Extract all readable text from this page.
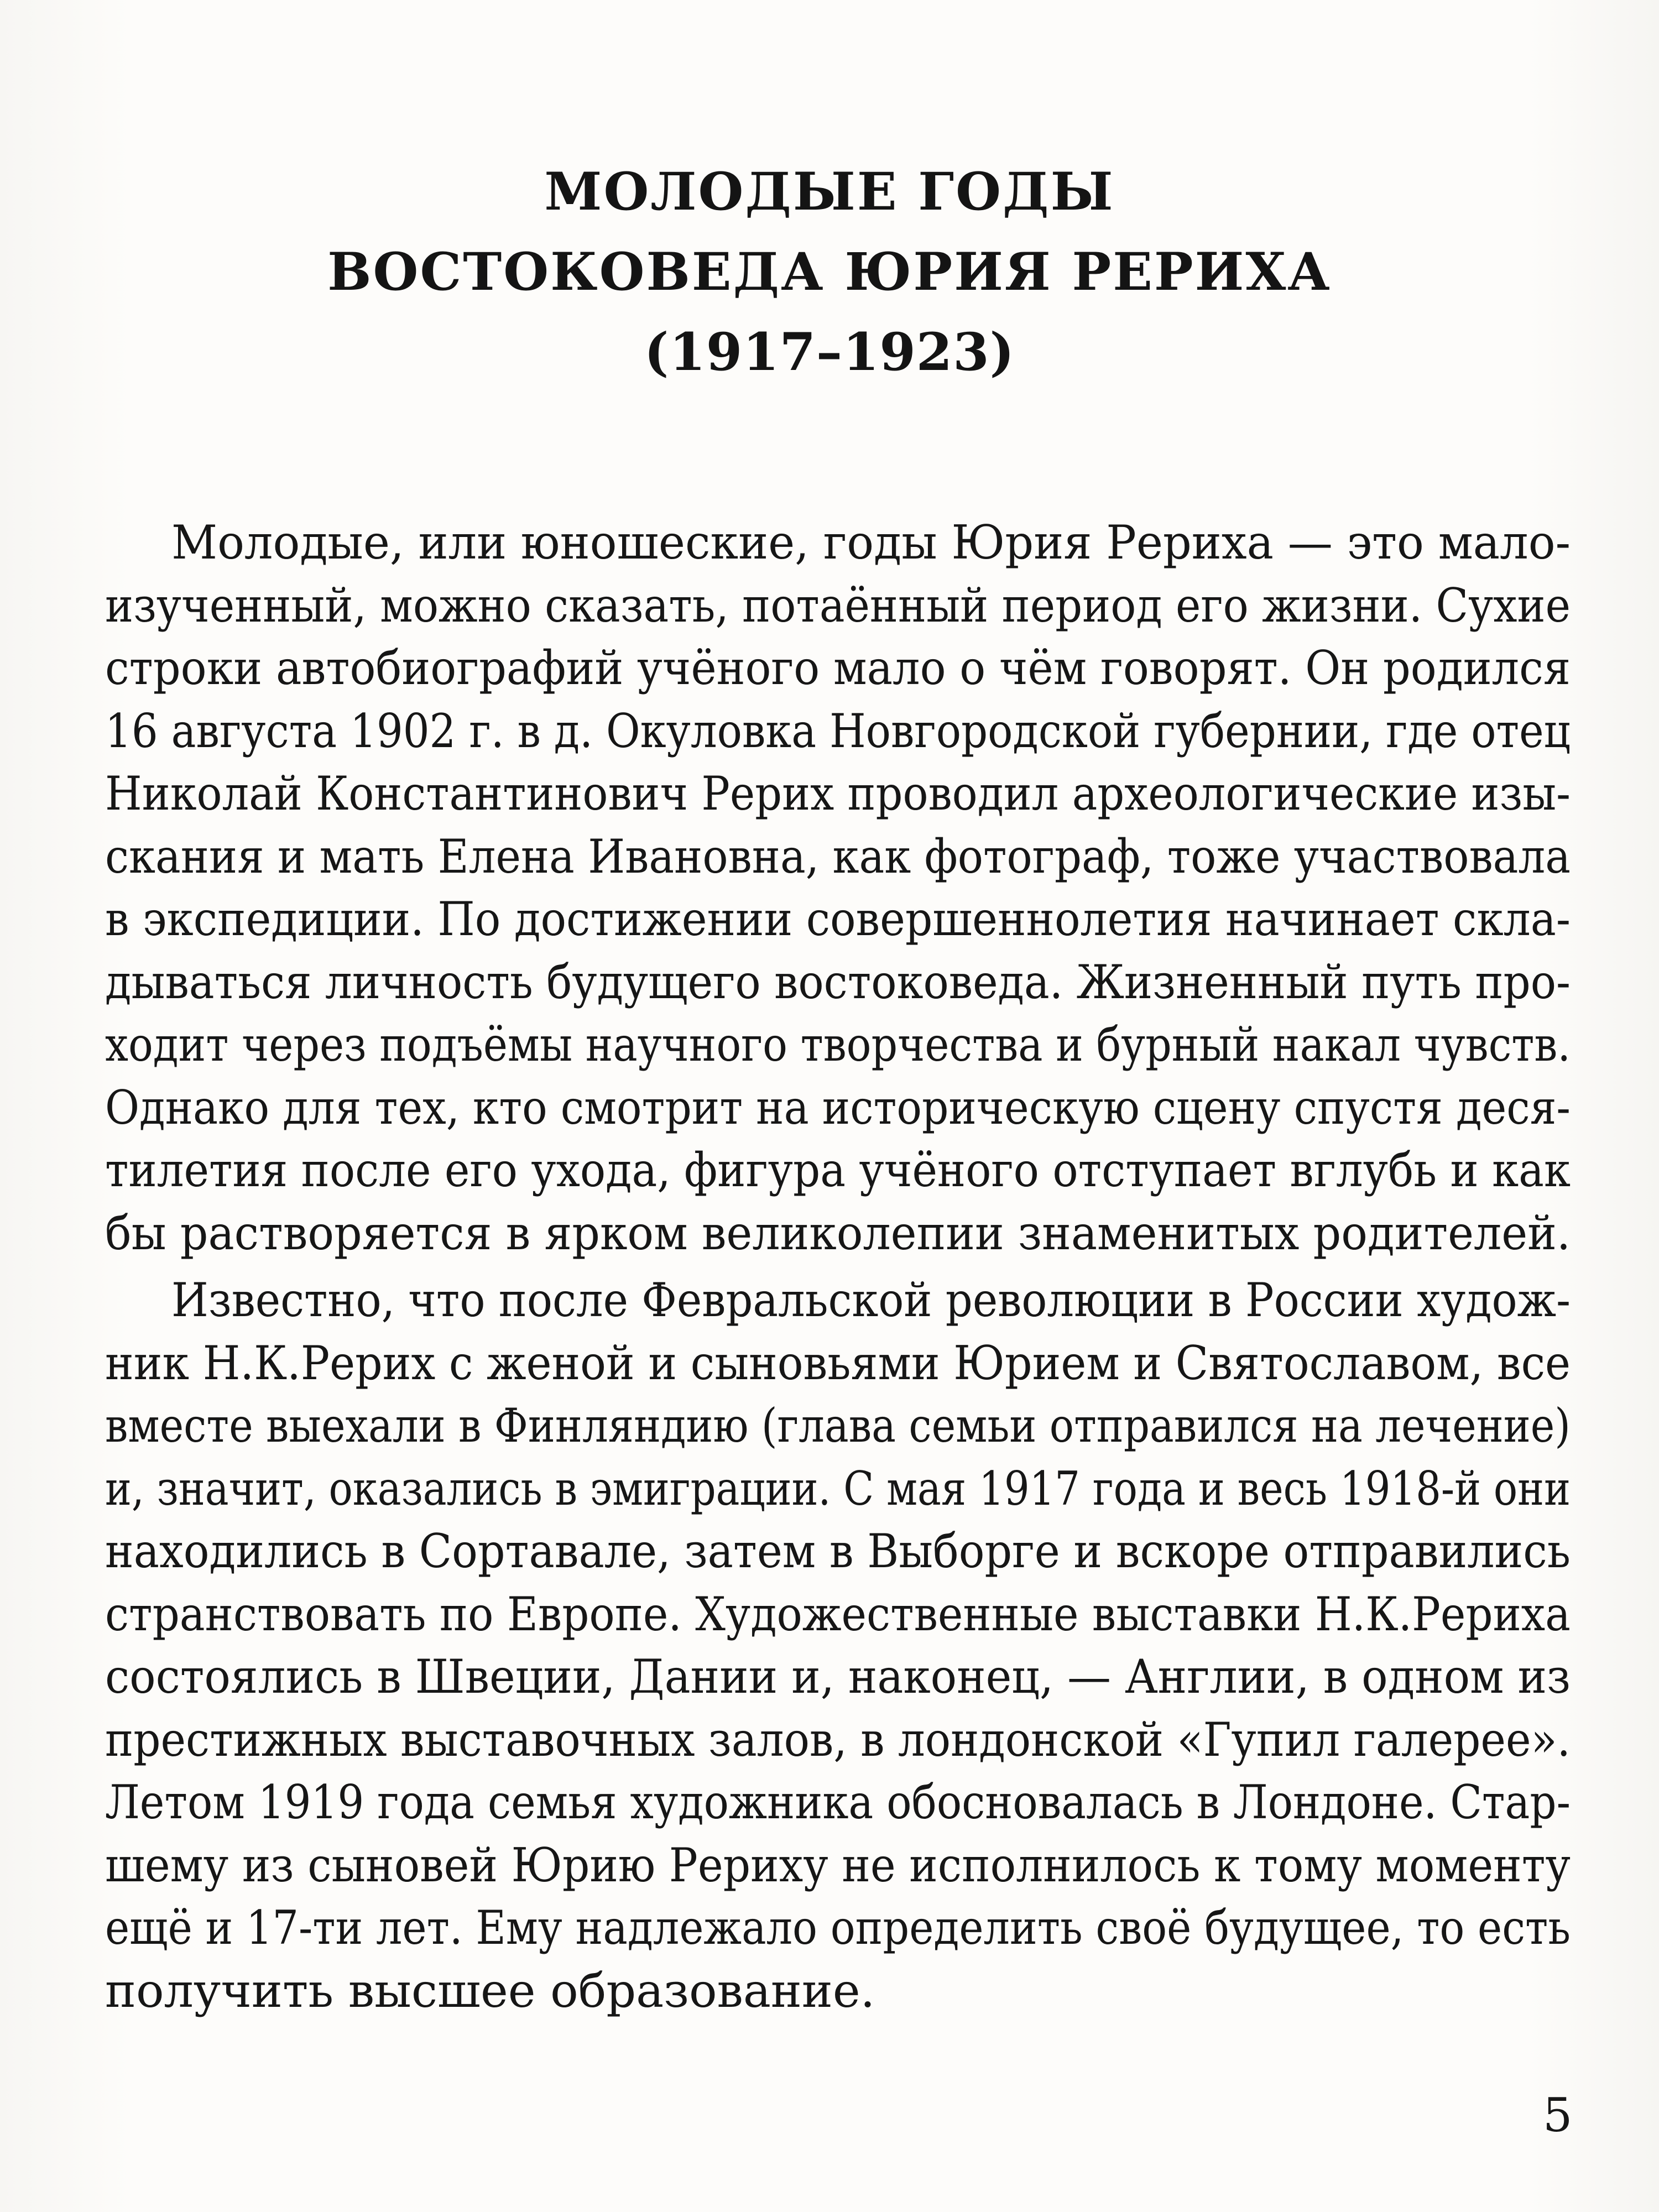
МОЛОДЫЕ ГОДЫ
ВОСТОКОВЕДА ЮРИЯ РЕРИХА
(1917–1923)
Молодые, или юношеские, годы Юрия Рериха — это мало-
изученный, можно сказать, потаённый период его жизни. Сухие
строки автобиографий учёного мало о чём говорят. Он родился
16 августа 1902 г. в д. Окуловка Новгородской губернии, где отец
Николай Константинович Рерих проводил археологические изы-
скания и мать Елена Ивановна, как фотограф, тоже участвовала
в экспедиции. По достижении совершеннолетия начинает скла-
дываться личность будущего востоковеда. Жизненный путь про-
ходит через подъёмы научного творчества и бурный накал чувств.
Однако для тех, кто смотрит на историческую сцену спустя деся-
тилетия после его ухода, фигура учёного отступает вглубь и как
бы растворяется в ярком великолепии знаменитых родителей.
Известно, что после Февральской революции в России худож-
ник Н.К.Рерих с женой и сыновьями Юрием и Святославом, все
вместе выехали в Финляндию (глава семьи отправился на лечение)
и, значит, оказались в эмиграции. С мая 1917 года и весь 1918-й они
находились в Сортавале, затем в Выборге и вскоре отправились
странствовать по Европе. Художественные выставки Н.К.Рериха
состоялись в Швеции, Дании и, наконец, — Англии, в одном из
престижных выставочных залов, в лондонской «Гупил галерее».
Летом 1919 года семья художника обосновалась в Лондоне. Стар-
шему из сыновей Юрию Рериху не исполнилось к тому моменту
ещё и 17-ти лет. Ему надлежало определить своё будущее, то есть
получить высшее образование.
5
